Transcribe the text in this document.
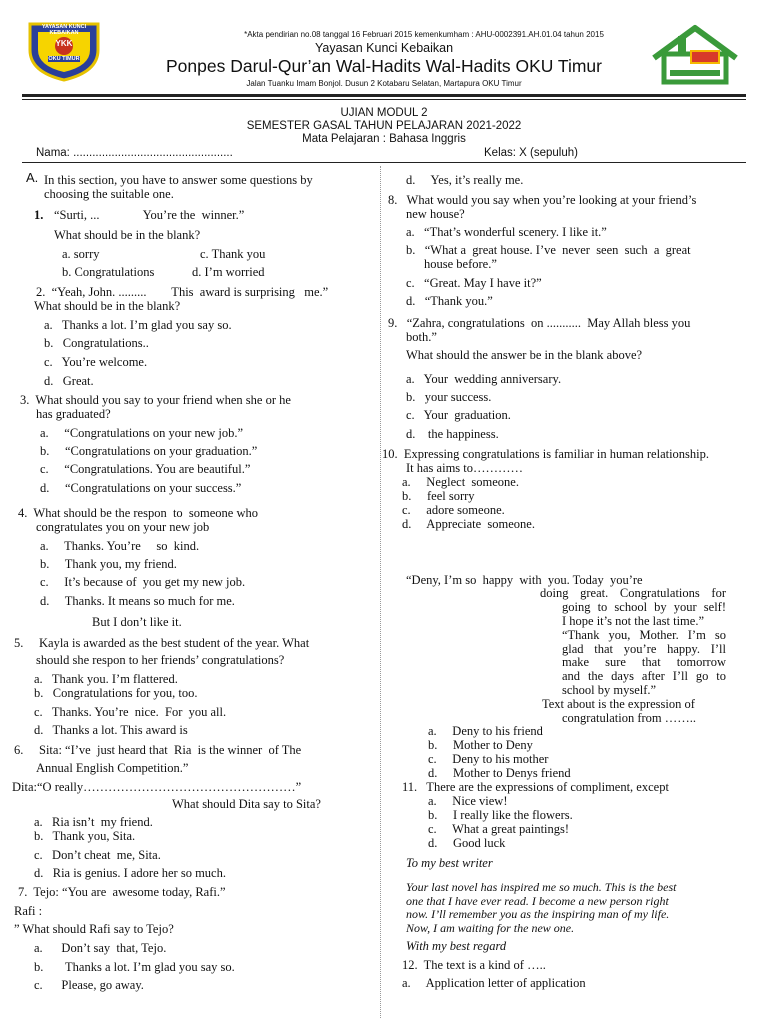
YAYASAN KUNCI KEBAIKAN
YKK
OKU TIMUR
*Akta pendirian no.08 tanggal 16 Februari 2015 kemenkumham : AHU-0002391.AH.01.04 tahun 2015
Yayasan Kunci Kebaikan
Ponpes Darul-Qur’an Wal-Hadits Wal-Hadits OKU Timur
Jalan Tuanku Imam Bonjol. Dusun 2 Kotabaru Selatan, Martapura OKU Timur
UJIAN MODUL 2
SEMESTER GASAL TAHUN PELAJARAN 2021-2022
Mata Pelajaran : Bahasa Inggris
Nama: ..................................................	Kelas: X (sepuluh)
A. In this section, you have to answer some questions by
choosing the suitable one.
1. “Surti, ...              You’re the  winner.”
What should be in the blank?
a. sorry	c. Thank you
b. Congratulations	d. I’m worried
2.  “Yeah, John. .........        This  award is surprising   me.”
What should be in the blank?
a.   Thanks a lot. I’m glad you say so.
b.   Congratulations..
c.   You’re welcome.
d.   Great.
3.  What should you say to your friend when she or he
has graduated?
a.     “Congratulations on your new job.”
b.     “Congratulations on your graduation.”
c.     “Congratulations. You are beautiful.”
d.     “Congratulations on your success.”
4.  What should be the respon  to  someone who
congratulates you on your new job
a.     Thanks. You’re     so  kind.
b.     Thank you, my friend.
c.     It’s because of  you get my new job.
d.     Thanks. It means so much for me.
But I don’t like it.
5.     Kayla is awarded as the best student of the year. What
should she respon to her friends’ congratulations?
a.   Thank you. I’m flattered.
b.   Congratulations for you, too.
c.   Thanks. You’re  nice.  For  you all.
d.   Thanks a lot. This award is
6.     Sita: “I’ve  just heard that  Ria  is the winner  of The
Annual English Competition.”
Dita:“O really……………………………………………”
What should Dita say to Sita?
a.   Ria isn’t  my friend.
b.   Thank you, Sita.
c.   Don’t cheat  me, Sita.
d.   Ria is genius. I adore her so much.
7.  Tejo: “You are  awesome today, Rafi.”
Rafi :
” What should Rafi say to Tejo?
a.      Don’t say  that, Tejo.
b.       Thanks a lot. I’m glad you say so.
c.      Please, go away.
d.     Yes, it’s really me.
8.   What would you say when you’re looking at your friend’s
new house?
a.   “That’s wonderful scenery. I like it.”
b.   “What a  great house. I’ve  never  seen  such  a  great
house before.”
c.   “Great. May I have it?”
d.   “Thank you.”
9.   “Zahra, congratulations  on ...........  May Allah bless you
both.”
What should the answer be in the blank above?
a.   Your  wedding anniversary.
b.   your success.
c.   Your  graduation.
d.    the happiness.
10.  Expressing congratulations is familiar in human relationship.
It has aims to…………
a.     Neglect  someone.
b.     feel sorry
c.     adore someone.
d.     Appreciate  someone.
“Deny, I’m so  happy  with  you. Today  you’re
doing great. Congratulations for
going to school by your self!
I hope it’s not the last time.”
“Thank you, Mother. I’m so
glad  that  you’re  happy.  I’ll
make  sure  that  tomorrow
and the days after I’ll go to
school by myself.”
Text about is the expression of
congratulation from ……..
a.     Deny to his friend
b.     Mother to Deny
c.     Deny to his mother
d.     Mother to Denys friend
11.   There are the expressions of compliment, except
a.     Nice view!
b.     I really like the flowers.
c.     What a great paintings!
d.     Good luck
To my best writer
Your last novel has inspired me so much. This is the best
one that I have ever read. I become a new person right
now. I’ll remember you as the inspiring man of my life.
Now, I am waiting for the new one.
With my best regard
12.  The text is a kind of …..
a.     Application letter of application
